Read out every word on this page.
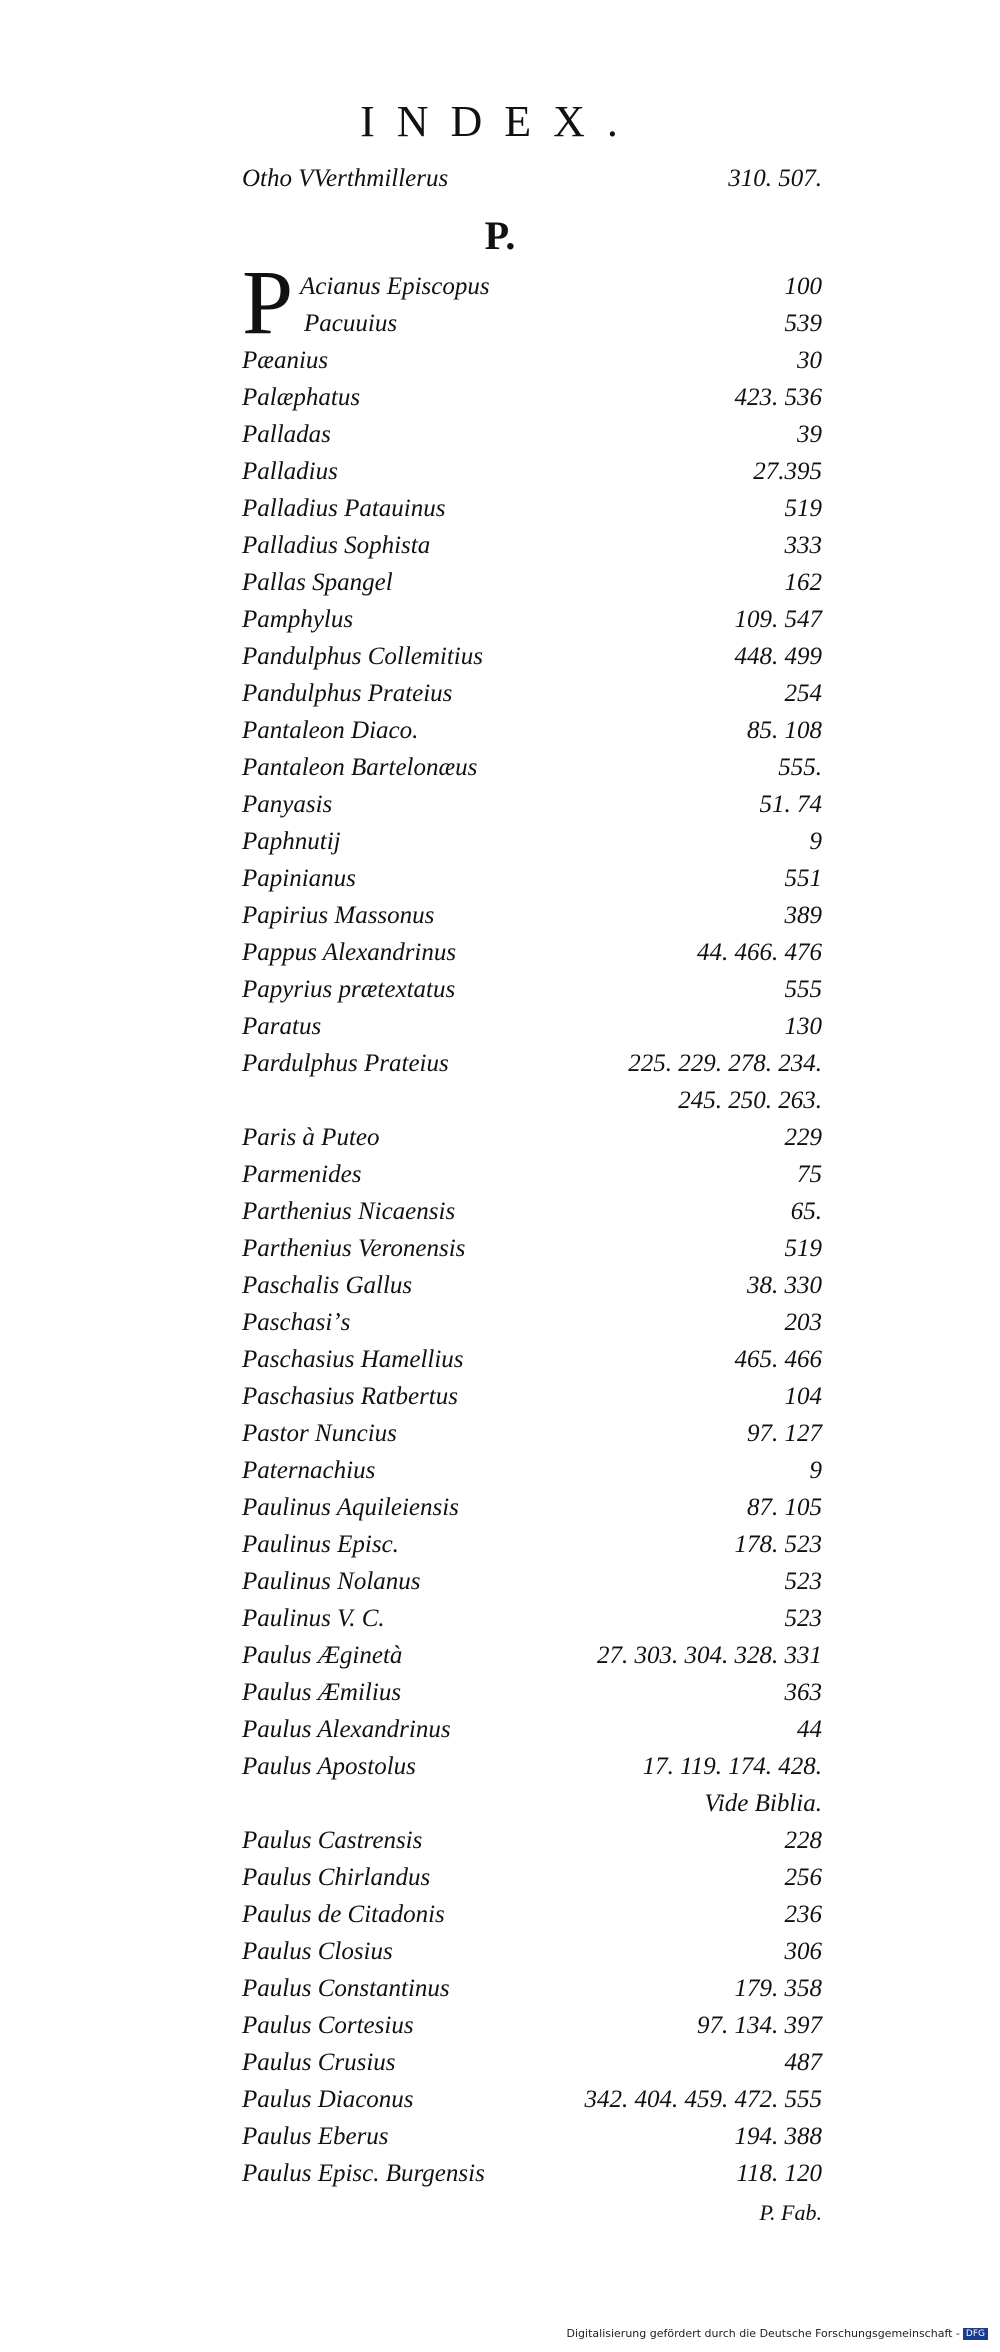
INDEX.
Otho VVerthmillerus	310. 507.
P.
P Acianus Episcopus	100
Pacuuius	539
Pæanius	30
Palæphatus	423. 536
Palladas	39
Palladius	27.395
Palladius Patauinus	519
Palladius Sophista	333
Pallas Spangel	162
Pamphylus	109. 547
Pandulphus Collemitius	448. 499
Pandulphus Prateius	254
Pantaleon Diaco.	85. 108
Pantaleon Bartelonæus	555.
Panyasis	51. 74
Paphnutij	9
Papinianus	551
Papirius Massonus	389
Pappus Alexandrinus	44. 466. 476
Papyrius prætextatus	555
Paratus	130
Pardulphus Prateius	225. 229. 278. 234.
245. 250. 263.
Paris à Puteo	229
Parmenides	75
Parthenius Nicaensis	65.
Parthenius Veronensis	519
Paschalis Gallus	38. 330
Paschasi⁠ʼs	203
Paschasius Hamellius	465. 466
Paschasius Ratbertus	104
Pastor Nuncius	97. 127
Paternachius	9
Paulinus Aquileiensis	87. 105
Paulinus Episc.	178. 523
Paulinus Nolanus	523
Paulinus V. C.	523
Paulus Æginetà	27. 303. 304. 328. 331
Paulus Æmilius	363
Paulus Alexandrinus	44
Paulus Apostolus	17. 119. 174. 428.
Vide Biblia.
Paulus Castrensis	228
Paulus Chirlandus	256
Paulus de Citadonis	236
Paulus Closius	306
Paulus Constantinus	179. 358
Paulus Cortesius	97. 134. 397
Paulus Crusius	487
Paulus Diaconus	342. 404. 459. 472. 555
Paulus Eberus	194. 388
Paulus Episc. Burgensis	118. 120
P. Fab.
Digitalisierung gefördert durch die Deutsche Forschungsgemeinschaft - DFG
